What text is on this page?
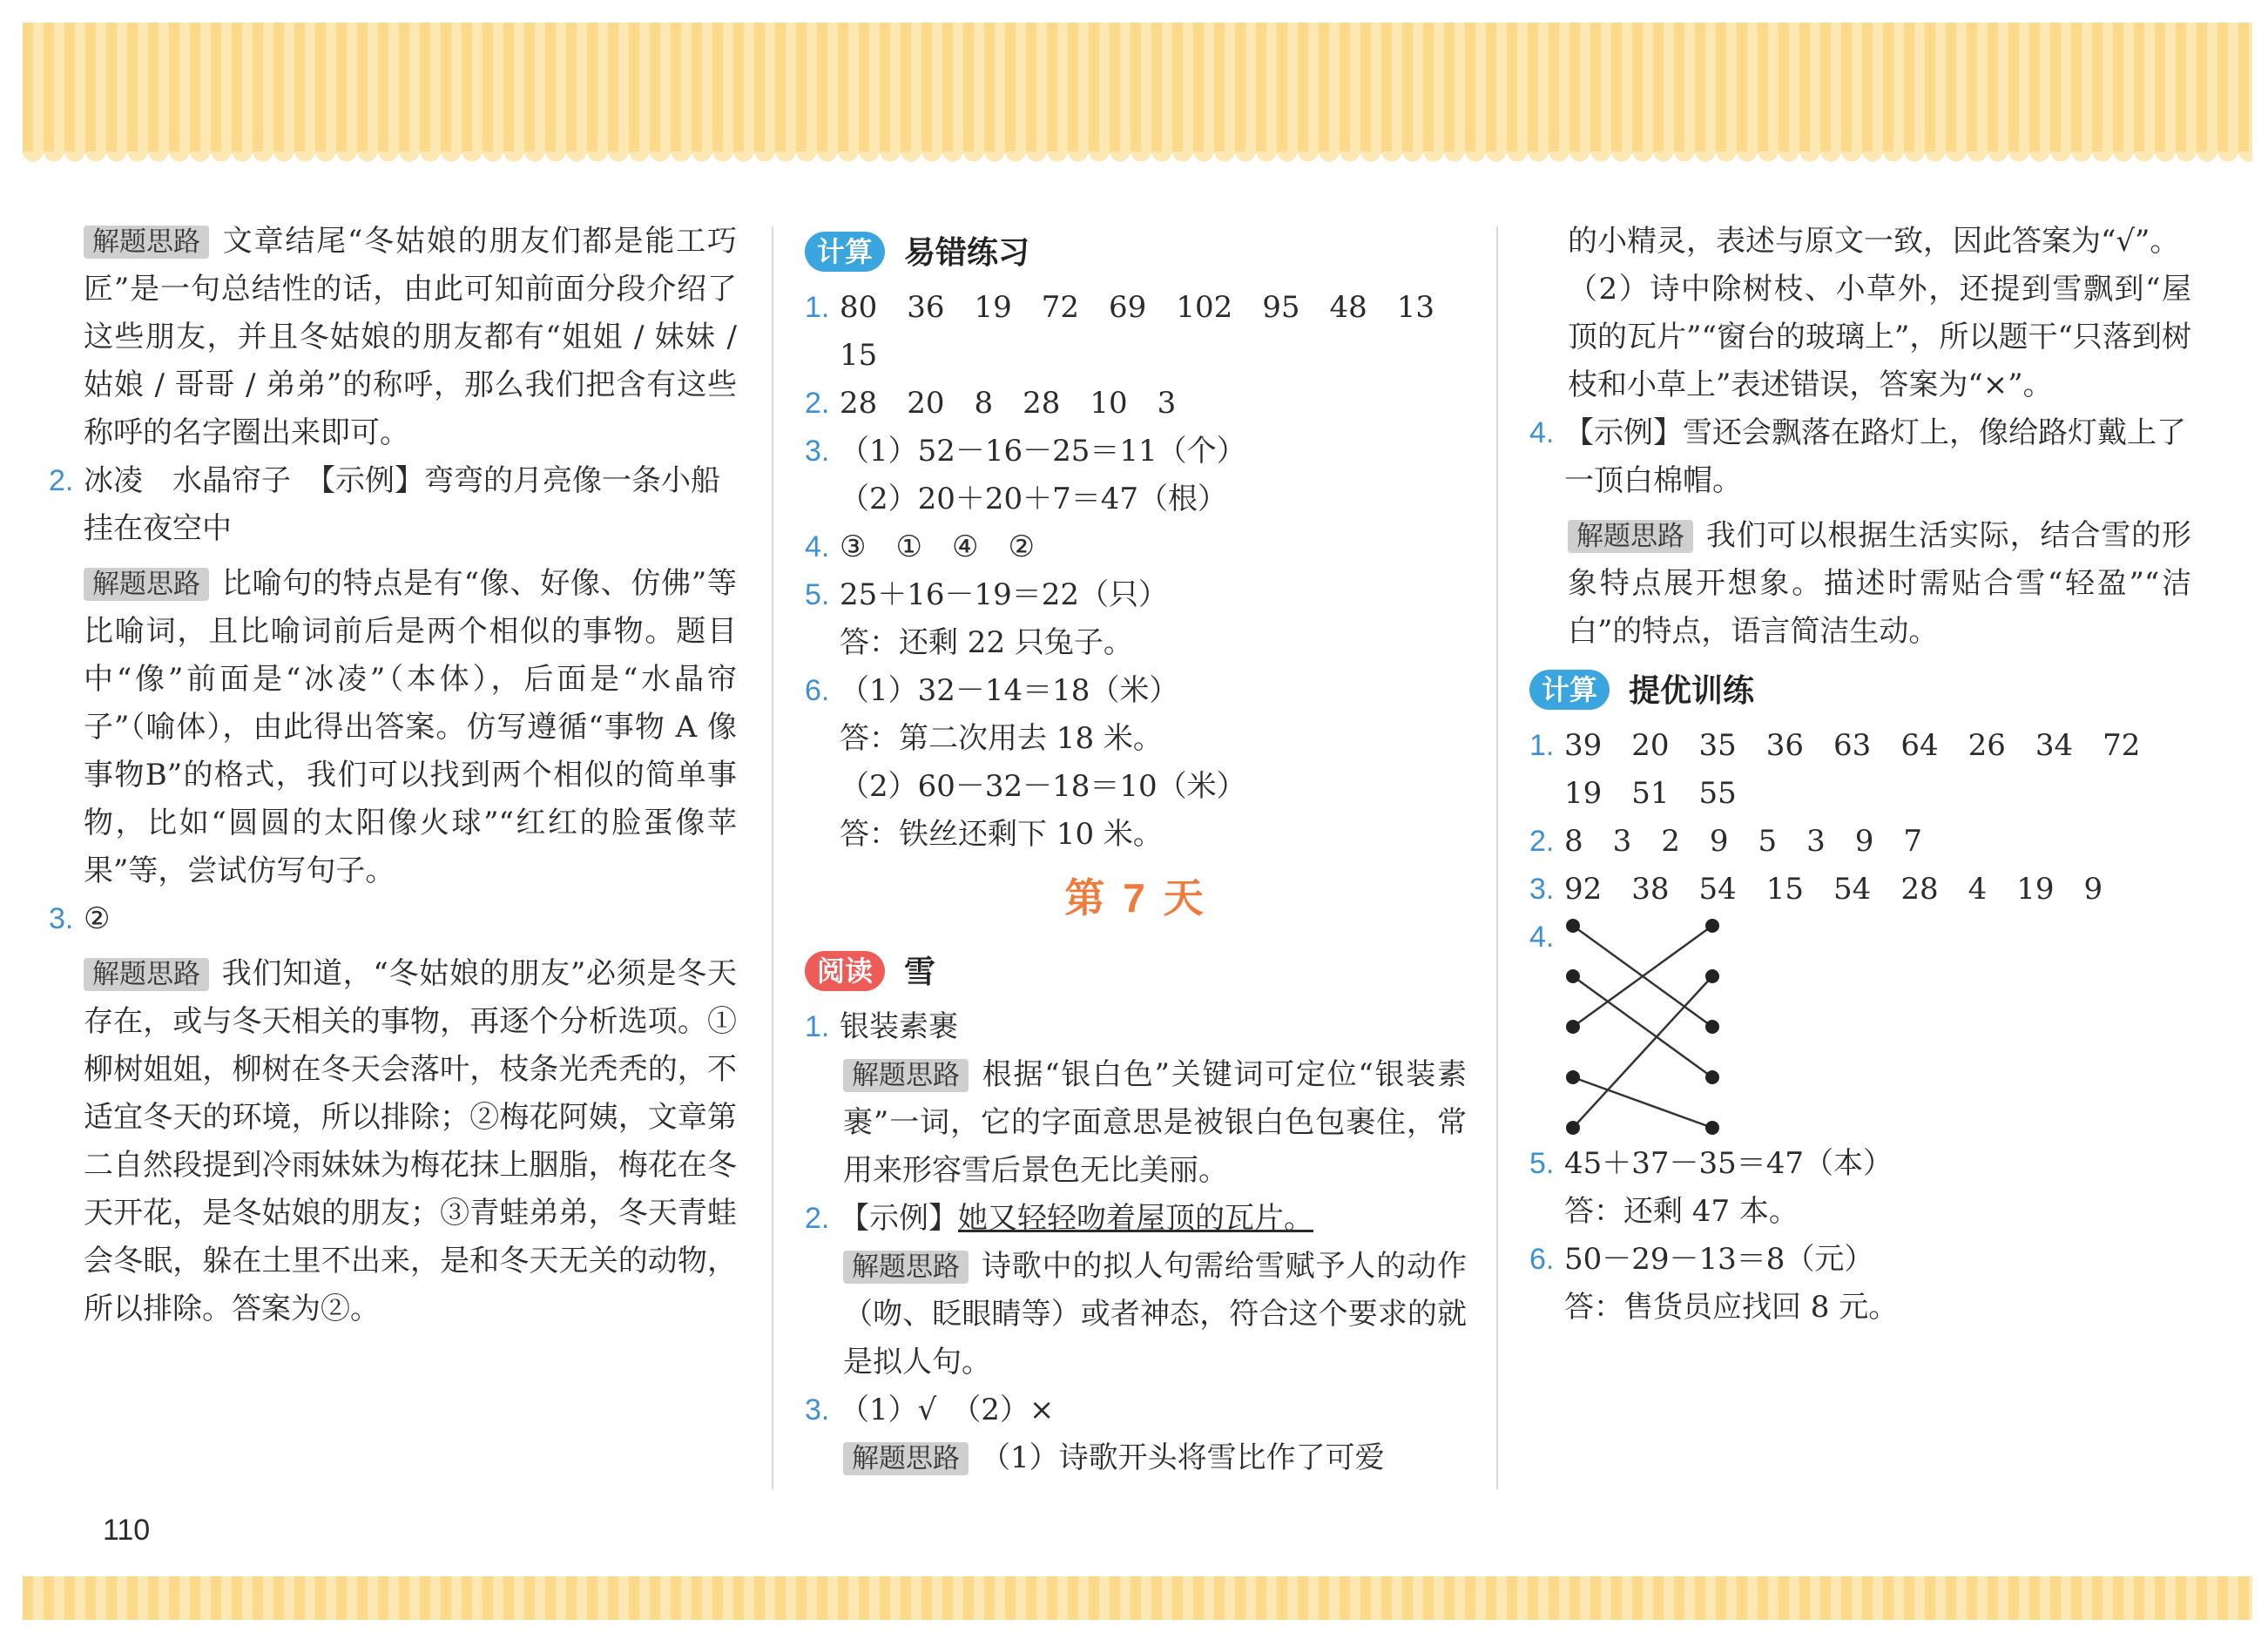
解题思路 文章结尾“冬姑娘的朋友们都是能工巧匠”是一句总结性的话，由此可知前面分段介绍了这些朋友，并且冬姑娘的朋友都有“姐姐 / 妹妹 / 姑娘 / 哥哥 / 弟弟”的称呼，那么我们把含有这些称呼的名字圈出来即可。

2. 冰凌　水晶帘子　【示例】弯弯的月亮像一条小船挂在夜空中

解题思路 比喻句的特点是有“像、好像、仿佛”等比喻词，且比喻词前后是两个相似的事物。题目中“像”前面是“冰凌”（本体），后面是“水晶帘子”（喻体），由此得出答案。仿写遵循“事物 A 像事物B”的格式，我们可以找到两个相似的简单事物，比如“圆圆的太阳像火球”“红红的脸蛋像苹果”等，尝试仿写句子。

3. ②

解题思路 我们知道，“冬姑娘的朋友”必须是冬天存在，或与冬天相关的事物，再逐个分析选项。①柳树姐姐，柳树在冬天会落叶，枝条光秃秃的，不适宜冬天的环境，所以排除；②梅花阿姨，文章第二自然段提到冷雨妹妹为梅花抹上胭脂，梅花在冬天开花，是冬姑娘的朋友；③青蛙弟弟，冬天青蛙会冬眠，躲在土里不出来，是和冬天无关的动物，所以排除。答案为②。

计算	易错练习
1. 80　36　19　72　69　102　95　48　13　15
2. 28　20　8　28　10　3
3. （1）52－16－25＝11（个）
（2）20＋20＋7＝47（根）
4. ③　①　④　②
5. 25＋16－19＝22（只）
答：还剩 22 只兔子。
6. （1）32－14＝18（米）
答：第二次用去 18 米。
（2）60－32－18＝10（米）
答：铁丝还剩下 10 米。
第 7 天
阅读	雪
1. 银装素裹

解题思路 根据“银白色”关键词可定位“银装素裹”一词，它的字面意思是被银白色包裹住，常用来形容雪后景色无比美丽。

2. 【示例】 她又轻轻吻着屋顶的瓦片。

解题思路 诗歌中的拟人句需给雪赋予人的动作（吻、眨眼睛等）或者神态，符合这个要求的就是拟人句。

3. （1）√　（2）×

解题思路 （1）诗歌开头将雪比作了可爱

的小精灵，表述与原文一致，因此答案为“√”。

（2）诗中除树枝、小草外，还提到雪飘到“屋顶的瓦片”“窗台的玻璃上”，所以题干“只落到树枝和小草上”表述错误，答案为“×”。

4. 【示例】雪还会飘落在路灯上，像给路灯戴上了一顶白棉帽。

解题思路 我们可以根据生活实际，结合雪的形象特点展开想象。描述时需贴合雪“轻盈”“洁白”的特点，语言简洁生动。

计算	提优训练
1. 39　20　35　36　63　64　26　34　72
19　51　55
2. 8　3　2　9　5　3　9　7
3. 92　38　54　15　54　28　4　19　9
4.
5. 45＋37－35＝47（本）
答：还剩 47 本。
6. 50－29－13＝8（元）
答：售货员应找回 8 元。
110
